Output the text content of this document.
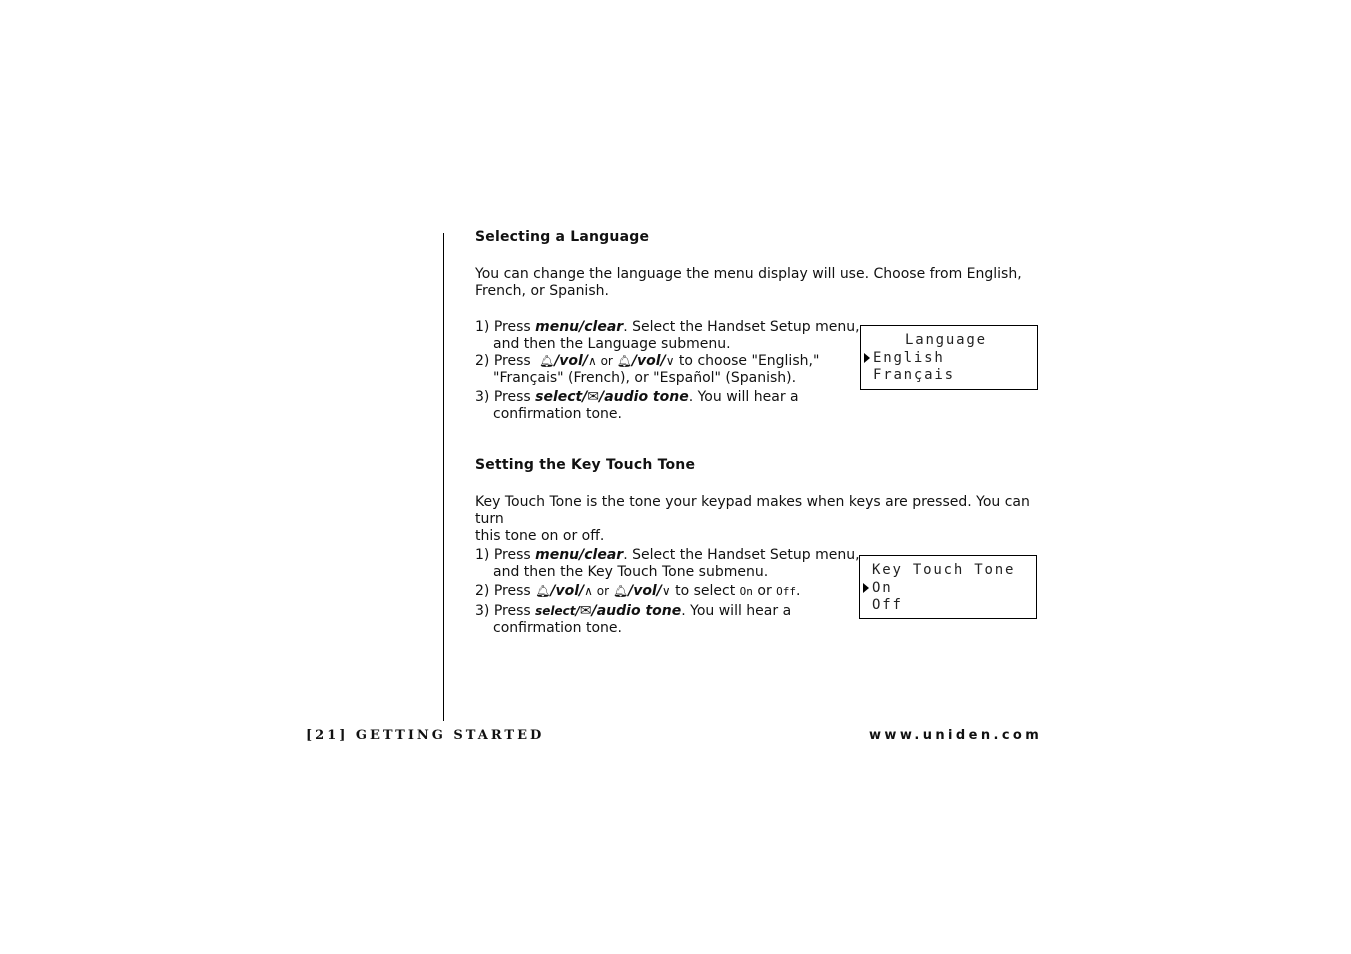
Selecting a Language
You can change the language the menu display will use. Choose from English,
French, or Spanish.
1) Press menu/clear. Select the Handset Setup menu,
and then the Language submenu.
2) Press  🔔︎/vol/∧ or 🔔︎/vol/∨ to choose "English,"
"Français" (French), or "Español" (Spanish).
3) Press select/✉︎/audio tone. You will hear a
confirmation tone.
Language
English
Français
Setting the Key Touch Tone
Key Touch Tone is the tone your keypad makes when keys are pressed. You can turn
this tone on or off.
1) Press menu/clear. Select the Handset Setup menu,
and then the Key Touch Tone submenu.
2) Press 🔔︎/vol/∧ or 🔔︎/vol/∨ to select On or Off.
3) Press select/✉︎/audio tone. You will hear a
confirmation tone.
Key Touch Tone
On
Off
[21] GETTING STARTED	www.uniden.com
